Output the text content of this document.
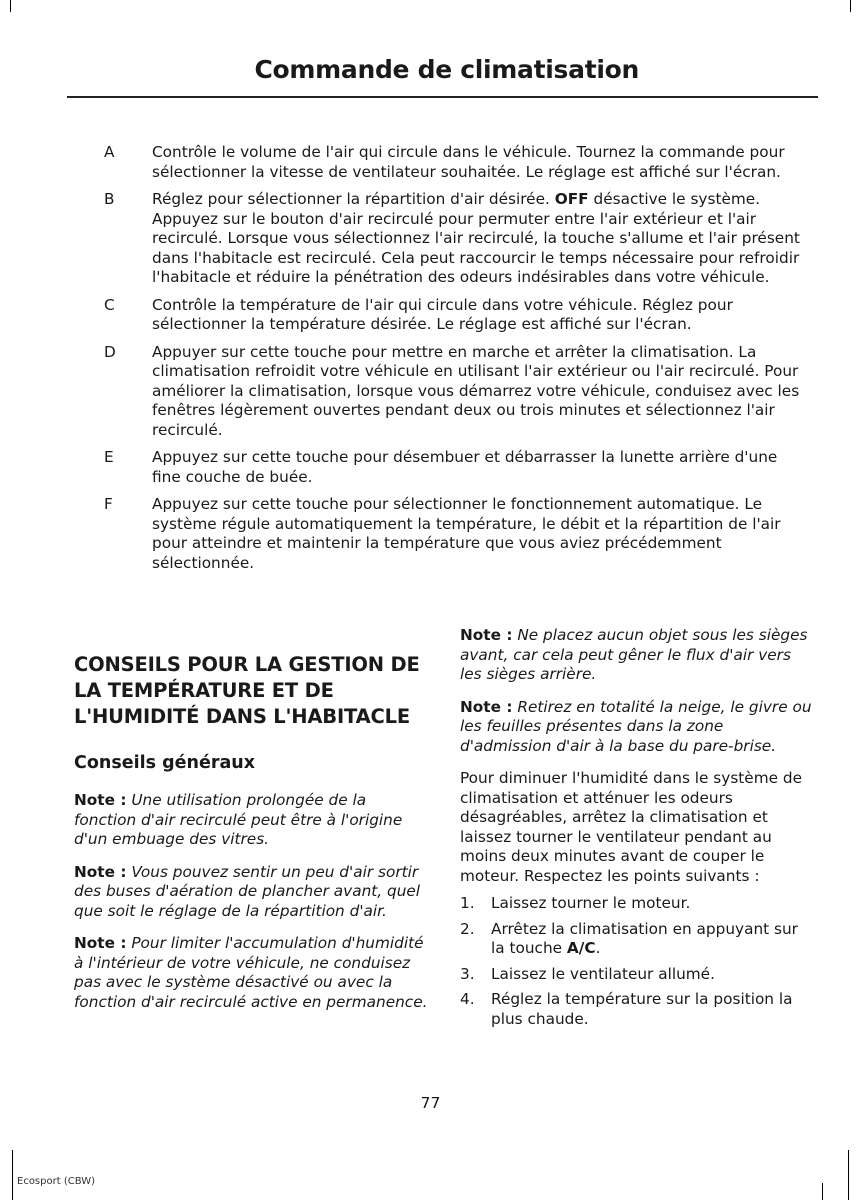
Commande de climatisation
A	Contrôle le volume de l'air qui circule dans le véhicule. Tournez la commande pour sélectionner la vitesse de ventilateur souhaitée. Le réglage est affiché sur l'écran.
B	Réglez pour sélectionner la répartition d'air désirée. OFF désactive le système. Appuyez sur le bouton d'air recirculé pour permuter entre l'air extérieur et l'air recirculé. Lorsque vous sélectionnez l'air recirculé, la touche s'allume et l'air présent dans l'habitacle est recirculé. Cela peut raccourcir le temps nécessaire pour refroidir l'habitacle et réduire la pénétration des odeurs indésirables dans votre véhicule.
C	Contrôle la température de l'air qui circule dans votre véhicule. Réglez pour sélectionner la température désirée. Le réglage est affiché sur l'écran.
D	Appuyer sur cette touche pour mettre en marche et arrêter la climatisation. La climatisation refroidit votre véhicule en utilisant l'air extérieur ou l'air recirculé. Pour améliorer la climatisation, lorsque vous démarrez votre véhicule, conduisez avec les fenêtres légèrement ouvertes pendant deux ou trois minutes et sélectionnez l'air recirculé.
E	Appuyez sur cette touche pour désembuer et débarrasser la lunette arrière d'une fine couche de buée.
F	Appuyez sur cette touche pour sélectionner le fonctionnement automatique. Le système régule automatiquement la température, le débit et la répartition de l'air pour atteindre et maintenir la température que vous aviez précédemment sélectionnée.
CONSEILS POUR LA GESTION DE LA TEMPÉRATURE ET DE L'HUMIDITÉ DANS L'HABITACLE
Conseils généraux
Note : Une utilisation prolongée de la fonction d'air recirculé peut être à l'origine d'un embuage des vitres.
Note : Vous pouvez sentir un peu d'air sortir des buses d'aération de plancher avant, quel que soit le réglage de la répartition d'air.
Note : Pour limiter l'accumulation d'humidité à l'intérieur de votre véhicule, ne conduisez pas avec le système désactivé ou avec la fonction d'air recirculé active en permanence.
Note : Ne placez aucun objet sous les sièges avant, car cela peut gêner le flux d'air vers les sièges arrière.
Note : Retirez en totalité la neige, le givre ou les feuilles présentes dans la zone d'admission d'air à la base du pare-brise.
Pour diminuer l'humidité dans le système de climatisation et atténuer les odeurs désagréables, arrêtez la climatisation et laissez tourner le ventilateur pendant au moins deux minutes avant de couper le moteur. Respectez les points suivants :
1.	Laissez tourner le moteur.
2.	Arrêtez la climatisation en appuyant sur la touche A/C.
3.	Laissez le ventilateur allumé.
4.	Réglez la température sur la position la plus chaude.
77
Ecosport (CBW)
